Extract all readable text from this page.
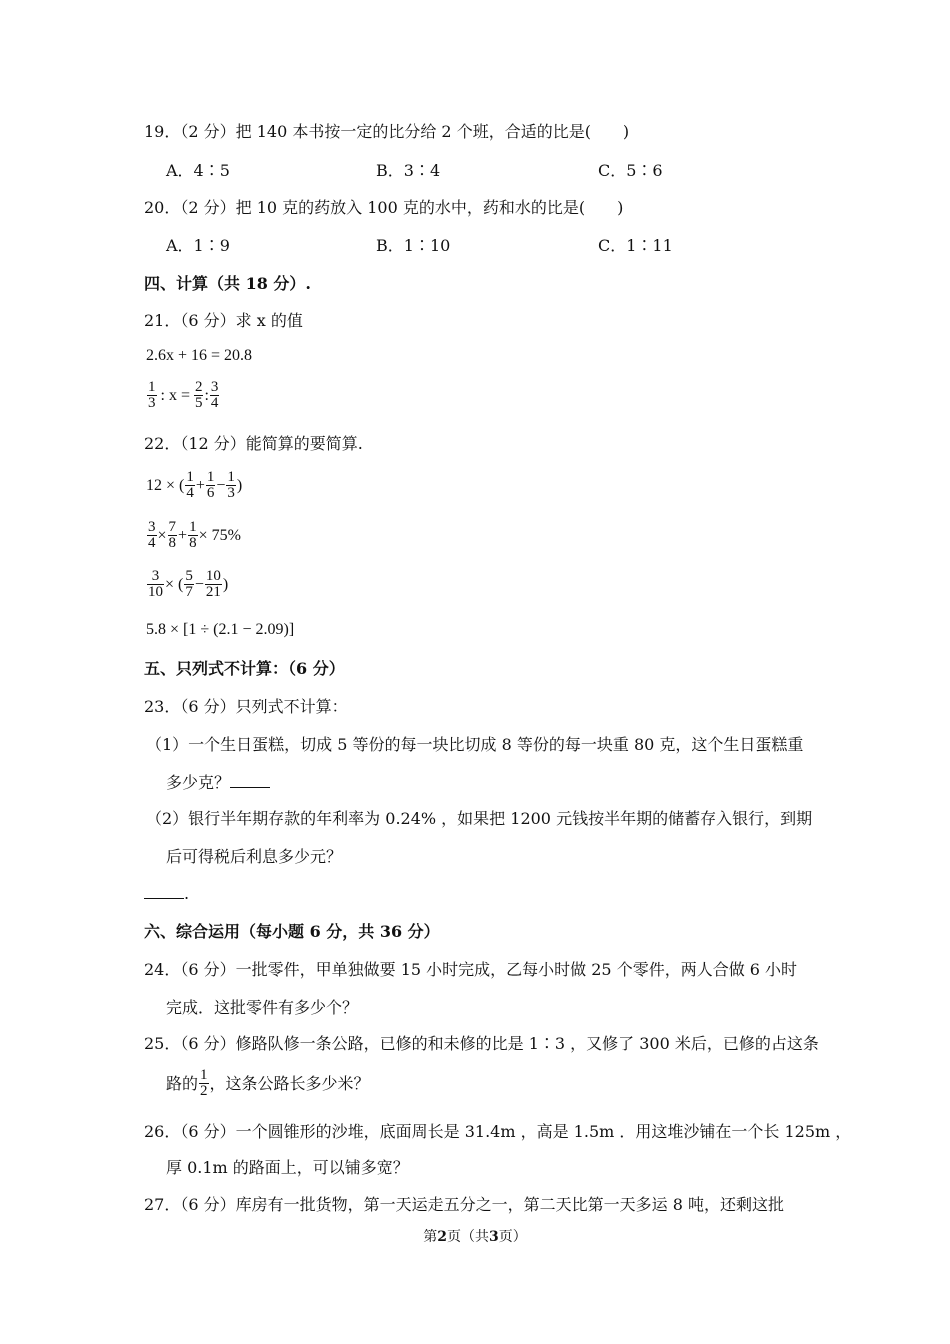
19．（2 分）把 140 本书按一定的比分给 2 个班，合适的比是(　　)
A．4∶5	B．3∶4	C．5∶6
20．（2 分）把 10 克的药放入 100 克的水中，药和水的比是(　　)
A．1∶9	B．1∶10	C．1∶11
四、计算（共 18 分）.
21．（6 分）求 x 的值
2.6x + 16 = 20.8
$\frac{1}{3}$ : $x = \frac{2}{5}$ : $\frac{3}{4}$
22．（12 分）能简算的要简算.
12 × ( $\frac{1}{4} + \frac{1}{6} - \frac{1}{3}$ )
$\frac{3}{4} \times \frac{7}{8} + \frac{1}{8} \times 75\%$
$\frac{3}{10}$ × ( $\frac{5}{7} - \frac{10}{21}$ )
5.8 × [1 ÷ (2.1 − 2.09)]
五、只列式不计算：（6 分）
23．（6 分）只列式不计算：
（1）一个生日蛋糕，切成 5 等份的每一块比切成 8 等份的每一块重 80 克，这个生日蛋糕重
多少克？
（2）银行半年期存款的年利率为 0.24% ，如果把 1200 元钱按半年期的储蓄存入银行，到期
后可得税后利息多少元？
.
六、综合运用（每小题 6 分，共 36 分）
24．（6 分）一批零件，甲单独做要 15 小时完成，乙每小时做 25 个零件，两人合做 6 小时
完成．这批零件有多少个？
25．（6 分）修路队修一条公路，已修的和未修的比是 1∶3 ，又修了 300 米后，已修的占这条
路的 $\frac{1}{2}$ ，这条公路长多少米？
26．（6 分）一个圆锥形的沙堆，底面周长是 31.4m ，高是 1.5m ．用这堆沙铺在一个长 125m ，
厚 0.1m 的路面上，可以铺多宽？
27．（6 分）库房有一批货物，第一天运走五分之一，第二天比第一天多运 8 吨，还剩这批
第2页（共3页）
